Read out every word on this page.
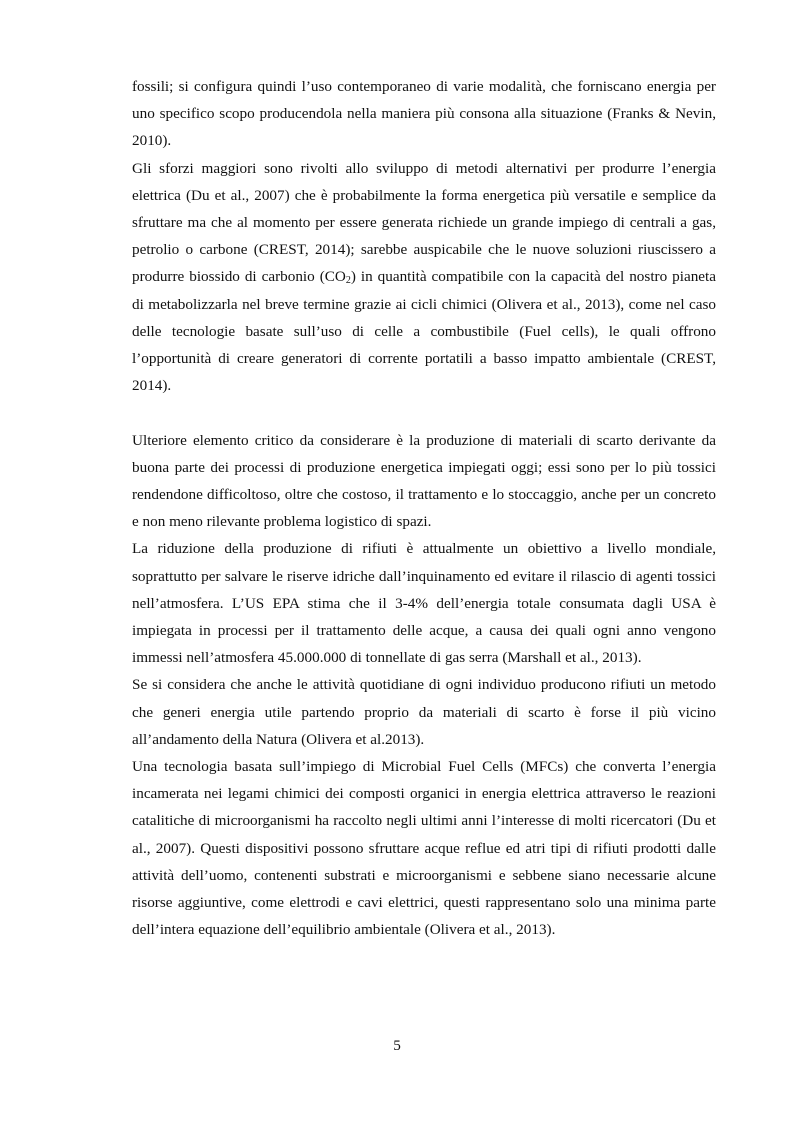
fossili; si configura quindi l’uso contemporaneo di varie modalità, che forniscano energia per uno specifico scopo producendola nella maniera più consona alla situazione (Franks & Nevin, 2010).

Gli sforzi maggiori sono rivolti allo sviluppo di metodi alternativi per produrre l’energia elettrica (Du et al., 2007) che è probabilmente la forma energetica più versatile e semplice da sfruttare ma che al momento per essere generata richiede un grande impiego di centrali a gas, petrolio o carbone (CREST, 2014); sarebbe auspicabile che le nuove soluzioni riuscissero a produrre biossido di carbonio $(CO_2)$ in quantità compatibile con la capacità del nostro pianeta di metabolizzarla nel breve termine grazie ai cicli chimici (Olivera et al., 2013), come nel caso delle tecnologie basate sull’uso di celle a combustibile (Fuel cells), le quali offrono l’opportunità di creare generatori di corrente portatili a basso impatto ambientale (CREST, 2014).

Ulteriore elemento critico da considerare è la produzione di materiali di scarto derivante da buona parte dei processi di produzione energetica impiegati oggi; essi sono per lo più tossici rendendone difficoltoso, oltre che costoso, il trattamento e lo stoccaggio, anche per un concreto e non meno rilevante problema logistico di spazi.

La riduzione della produzione di rifiuti è attualmente un obiettivo a livello mondiale, soprattutto per salvare le riserve idriche dall’inquinamento ed evitare il rilascio di agenti tossici nell’atmosfera. L’US EPA stima che il 3-4% dell’energia totale consumata dagli USA è impiegata in processi per il trattamento delle acque, a causa dei quali ogni anno vengono immessi nell’atmosfera 45.000.000 di tonnellate di gas serra (Marshall et al., 2013).

Se si considera che anche le attività quotidiane di ogni individuo producono rifiuti un metodo che generi energia utile partendo proprio da materiali di scarto è forse il più vicino all’andamento della Natura (Olivera et al.2013).

Una tecnologia basata sull’impiego di Microbial Fuel Cells (MFCs) che converta l’energia incamerata nei legami chimici dei composti organici in energia elettrica attraverso le reazioni catalitiche di microorganismi ha raccolto negli ultimi anni l’interesse di molti ricercatori (Du et al., 2007). Questi dispositivi possono sfruttare acque reflue ed atri tipi di rifiuti prodotti dalle attività dell’uomo, contenenti substrati e microorganismi e sebbene siano necessarie alcune risorse aggiuntive, come elettrodi e cavi elettrici, questi rappresentano solo una minima parte dell’intera equazione dell’equilibrio ambientale (Olivera et al., 2013).

5
